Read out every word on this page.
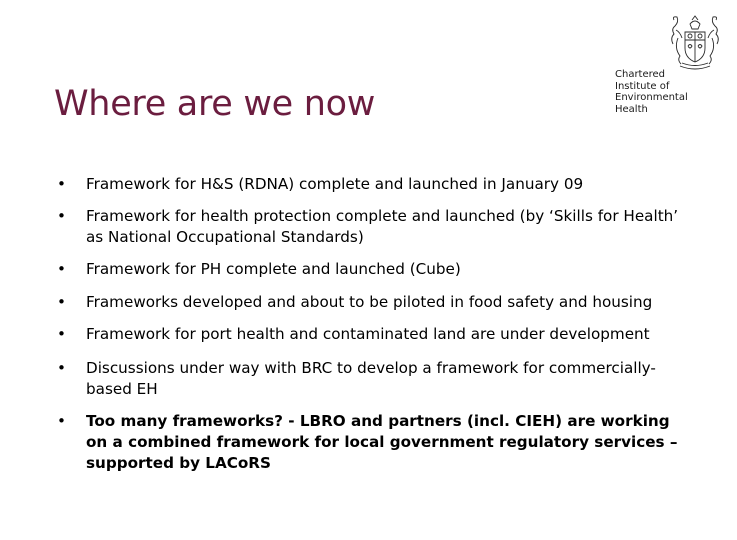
Where are we now
Chartered
Institute of
Environmental
Health
• Framework for H&S (RDNA) complete and launched in January 09
• Framework for health protection complete and launched (by ‘Skills for Health’ as National Occupational Standards)
• Framework for PH complete and launched (Cube)
• Frameworks developed and about to be piloted in food safety and housing
• Framework for port health and contaminated land are under development
• Discussions under way with BRC to develop a framework for commercially-based EH
• Too many frameworks? - LBRO and partners (incl. CIEH) are working on a combined framework for local government regulatory services – supported by LACoRS
